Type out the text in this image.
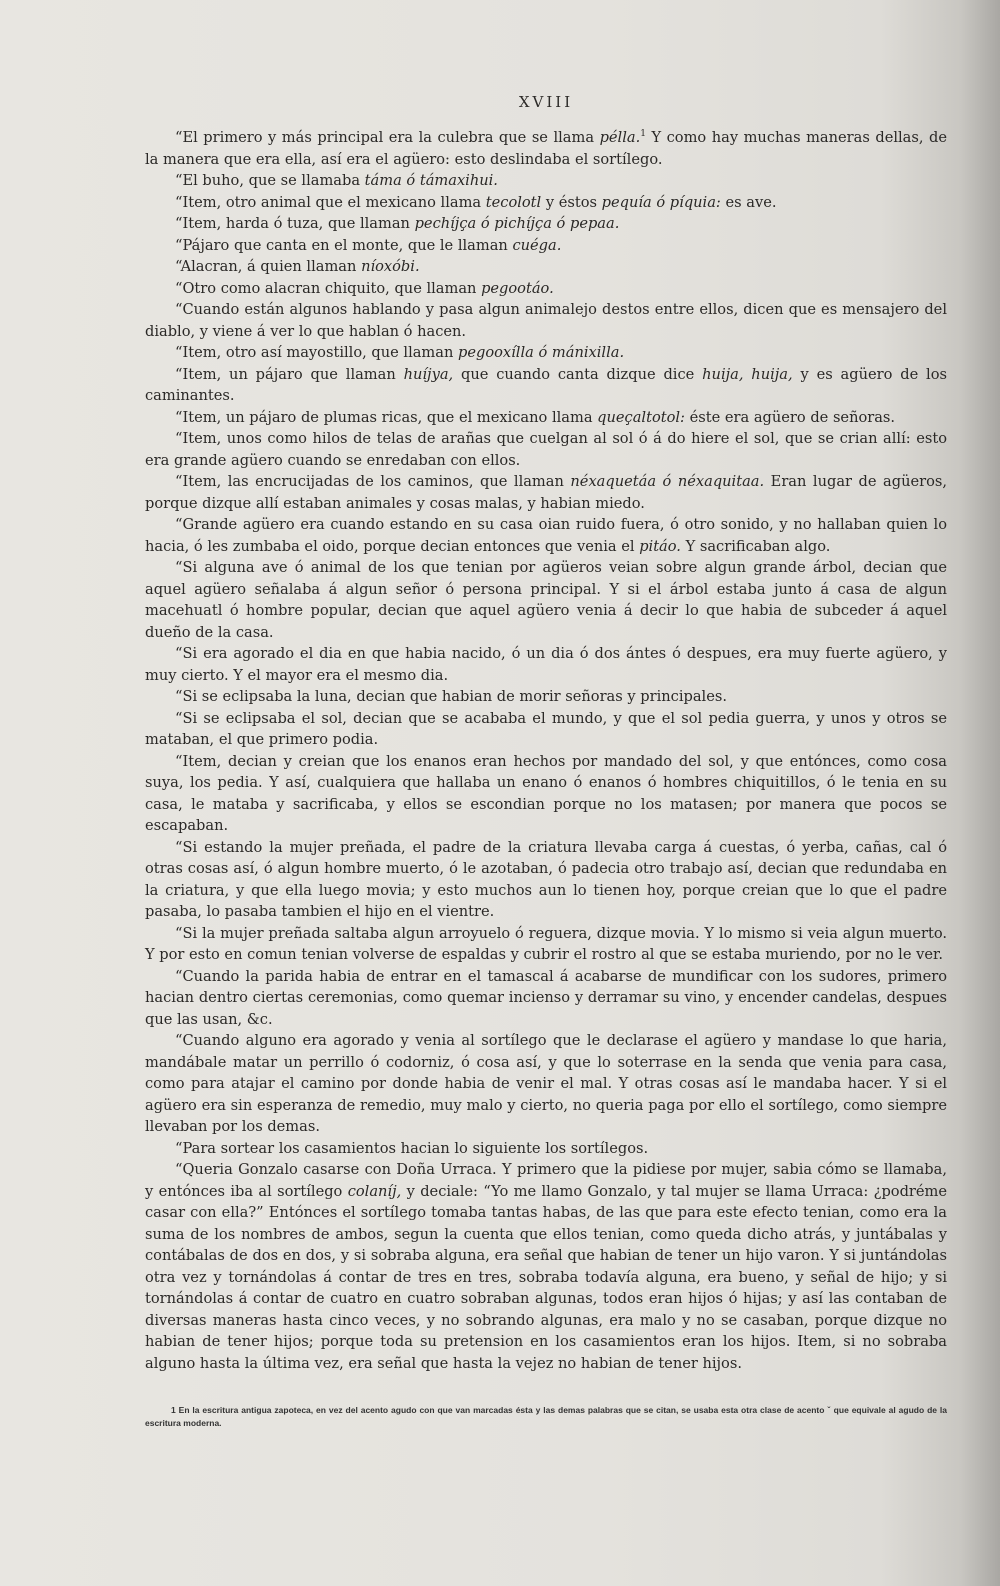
XVIII

“El primero y más principal era la culebra que se llama pélla.$^1$ Y como hay muchas maneras dellas, de la manera que era ella, así era el agüero: esto deslindaba el sortílego.

“El buho, que se llamaba táma ó támaxihui.

“Item, otro animal que el mexicano llama tecolotl y éstos pequía ó píquia: es ave.

“Item, harda ó tuza, que llaman pechíjça ó pichíjça ó pepaa.

“Pájaro que canta en el monte, que le llaman cuéga.

“Alacran, á quien llaman níoxóbi.

“Otro como alacran chiquito, que llaman pegootáo.

“Cuando están algunos hablando y pasa algun animalejo destos entre ellos, dicen que es mensajero del diablo, y viene á ver lo que hablan ó hacen.

“Item, otro así mayostillo, que llaman pegooxílla ó mánixilla.

“Item, un pájaro que llaman huíjya, que cuando canta dizque dice huija, huija, y es agüero de los caminantes.

“Item, un pájaro de plumas ricas, que el mexicano llama queçaltotol: éste era agüero de señoras.

“Item, unos como hilos de telas de arañas que cuelgan al sol ó á do hiere el sol, que se crian allí: esto era grande agüero cuando se enredaban con ellos.

“Item, las encrucijadas de los caminos, que llaman néxaquetáa ó néxaquitaa. Eran lugar de agüeros, porque dizque allí estaban animales y cosas malas, y habian miedo.

“Grande agüero era cuando estando en su casa oian ruido fuera, ó otro sonido, y no hallaban quien lo hacia, ó les zumbaba el oido, porque decian entonces que venia el pitáo. Y sacrificaban algo.

“Si alguna ave ó animal de los que tenian por agüeros veian sobre algun grande árbol, decian que aquel agüero señalaba á algun señor ó persona principal. Y si el árbol estaba junto á casa de algun macehuatl ó hombre popular, decian que aquel agüero venia á decir lo que habia de subceder á aquel dueño de la casa.

“Si era agorado el dia en que habia nacido, ó un dia ó dos ántes ó despues, era muy fuerte agüero, y muy cierto. Y el mayor era el mesmo dia.

“Si se eclipsaba la luna, decian que habian de morir señoras y principales.

“Si se eclipsaba el sol, decian que se acababa el mundo, y que el sol pedia guerra, y unos y otros se mataban, el que primero podia.

“Item, decian y creian que los enanos eran hechos por mandado del sol, y que entónces, como cosa suya, los pedia. Y así, cualquiera que hallaba un enano ó enanos ó hombres chiquitillos, ó le tenia en su casa, le mataba y sacrificaba, y ellos se escondian porque no los matasen; por manera que pocos se escapaban.

“Si estando la mujer preñada, el padre de la criatura llevaba carga á cuestas, ó yerba, cañas, cal ó otras cosas así, ó algun hombre muerto, ó le azotaban, ó padecia otro trabajo así, decian que redundaba en la criatura, y que ella luego movia; y esto muchos aun lo tienen hoy, porque creian que lo que el padre pasaba, lo pasaba tambien el hijo en el vientre.

“Si la mujer preñada saltaba algun arroyuelo ó reguera, dizque movia. Y lo mismo si veia algun muerto. Y por esto en comun tenian volverse de espaldas y cubrir el rostro al que se estaba muriendo, por no le ver.

“Cuando la parida habia de entrar en el tamascal á acabarse de mundificar con los sudores, primero hacian dentro ciertas ceremonias, como quemar incienso y derramar su vino, y encender candelas, despues que las usan, &c.

“Cuando alguno era agorado y venia al sortílego que le declarase el agüero y mandase lo que haria, mandábale matar un perrillo ó codorniz, ó cosa así, y que lo soterrase en la senda que venia para casa, como para atajar el camino por donde habia de venir el mal. Y otras cosas así le mandaba hacer. Y si el agüero era sin esperanza de remedio, muy malo y cierto, no queria paga por ello el sortílego, como siempre llevaban por los demas.

“Para sortear los casamientos hacian lo siguiente los sortílegos.

“Queria Gonzalo casarse con Doña Urraca. Y primero que la pidiese por mujer, sabia cómo se llamaba, y entónces iba al sortílego colaníj, y deciale: “Yo me llamo Gonzalo, y tal mujer se llama Urraca: ¿podréme casar con ella?” Entónces el sortílego tomaba tantas habas, de las que para este efecto tenian, como era la suma de los nombres de ambos, segun la cuenta que ellos tenian, como queda dicho atrás, y juntábalas y contábalas de dos en dos, y si sobraba alguna, era señal que habian de tener un hijo varon. Y si juntándolas otra vez y tornándolas á contar de tres en tres, sobraba todavía alguna, era bueno, y señal de hijo; y si tornándolas á contar de cuatro en cuatro sobraban algunas, todos eran hijos ó hijas; y así las contaban de diversas maneras hasta cinco veces, y no sobrando algunas, era malo y no se casaban, porque dizque no habian de tener hijos; porque toda su pretension en los casamientos eran los hijos. Item, si no sobraba alguno hasta la última vez, era señal que hasta la vejez no habian de tener hijos.

1 En la escritura antigua zapoteca, en vez del acento agudo con que van marcadas ésta y las demas palabras que se citan, se usaba esta otra clase de acento ˇ que equivale al agudo de la escritura moderna.
